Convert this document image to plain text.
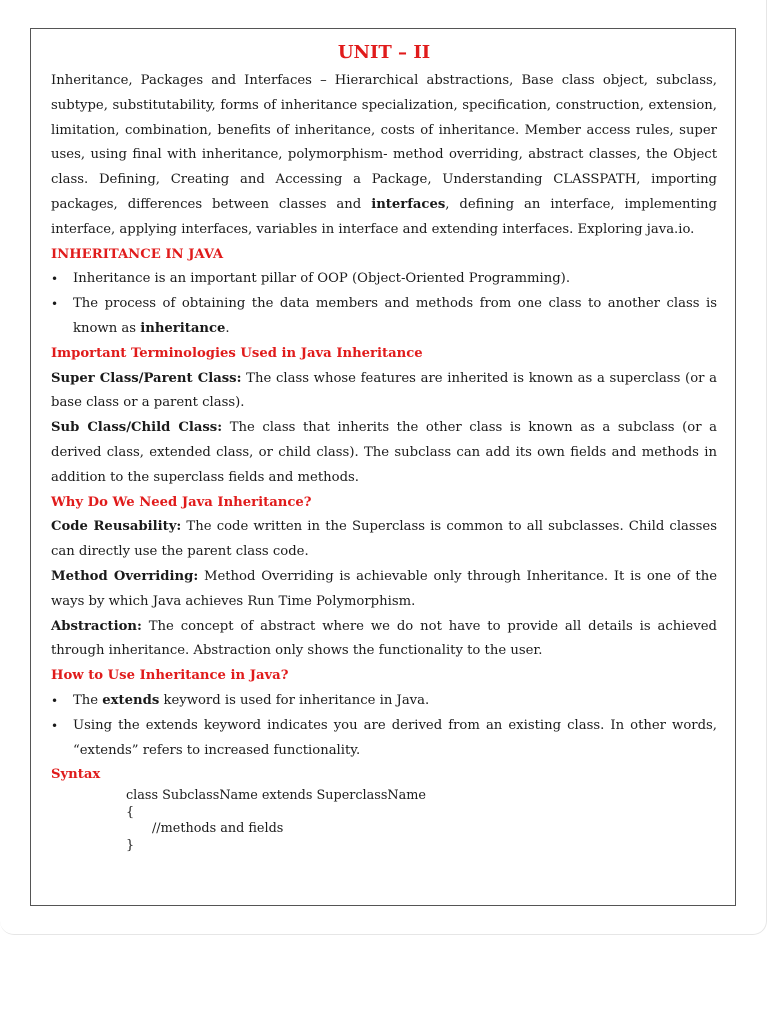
UNIT – II

Inheritance, Packages and Interfaces – Hierarchical abstractions, Base class object, subclass, subtype, substitutability, forms of inheritance specialization, specification, construction, extension, limitation, combination, benefits of inheritance, costs of inheritance. Member access rules, super uses, using final with inheritance, polymorphism- method overriding, abstract classes, the Object class. Defining, Creating and Accessing a Package, Understanding CLASSPATH, importing packages, differences between classes and interfaces, defining an interface, implementing interface, applying interfaces, variables in interface and extending interfaces. Exploring java.io.

INHERITANCE IN JAVA
• Inheritance is an important pillar of OOP (Object-Oriented Programming).
• The process of obtaining the data members and methods from one class to another class is known as inheritance.
Important Terminologies Used in Java Inheritance

Super Class/Parent Class: The class whose features are inherited is known as a superclass (or a base class or a parent class).

Sub Class/Child Class: The class that inherits the other class is known as a subclass (or a derived class, extended class, or child class). The subclass can add its own fields and methods in addition to the superclass fields and methods.

Why Do We Need Java Inheritance?

Code Reusability: The code written in the Superclass is common to all subclasses. Child classes can directly use the parent class code.

Method Overriding: Method Overriding is achievable only through Inheritance. It is one of the ways by which Java achieves Run Time Polymorphism.

Abstraction: The concept of abstract where we do not have to provide all details is achieved through inheritance. Abstraction only shows the functionality to the user.

How to Use Inheritance in Java?
• The extends keyword is used for inheritance in Java.
• Using the extends keyword indicates you are derived from an existing class. In other words, “extends” refers to increased functionality.
Syntax
class SubclassName extends SuperclassName
{
//methods and fields
}
